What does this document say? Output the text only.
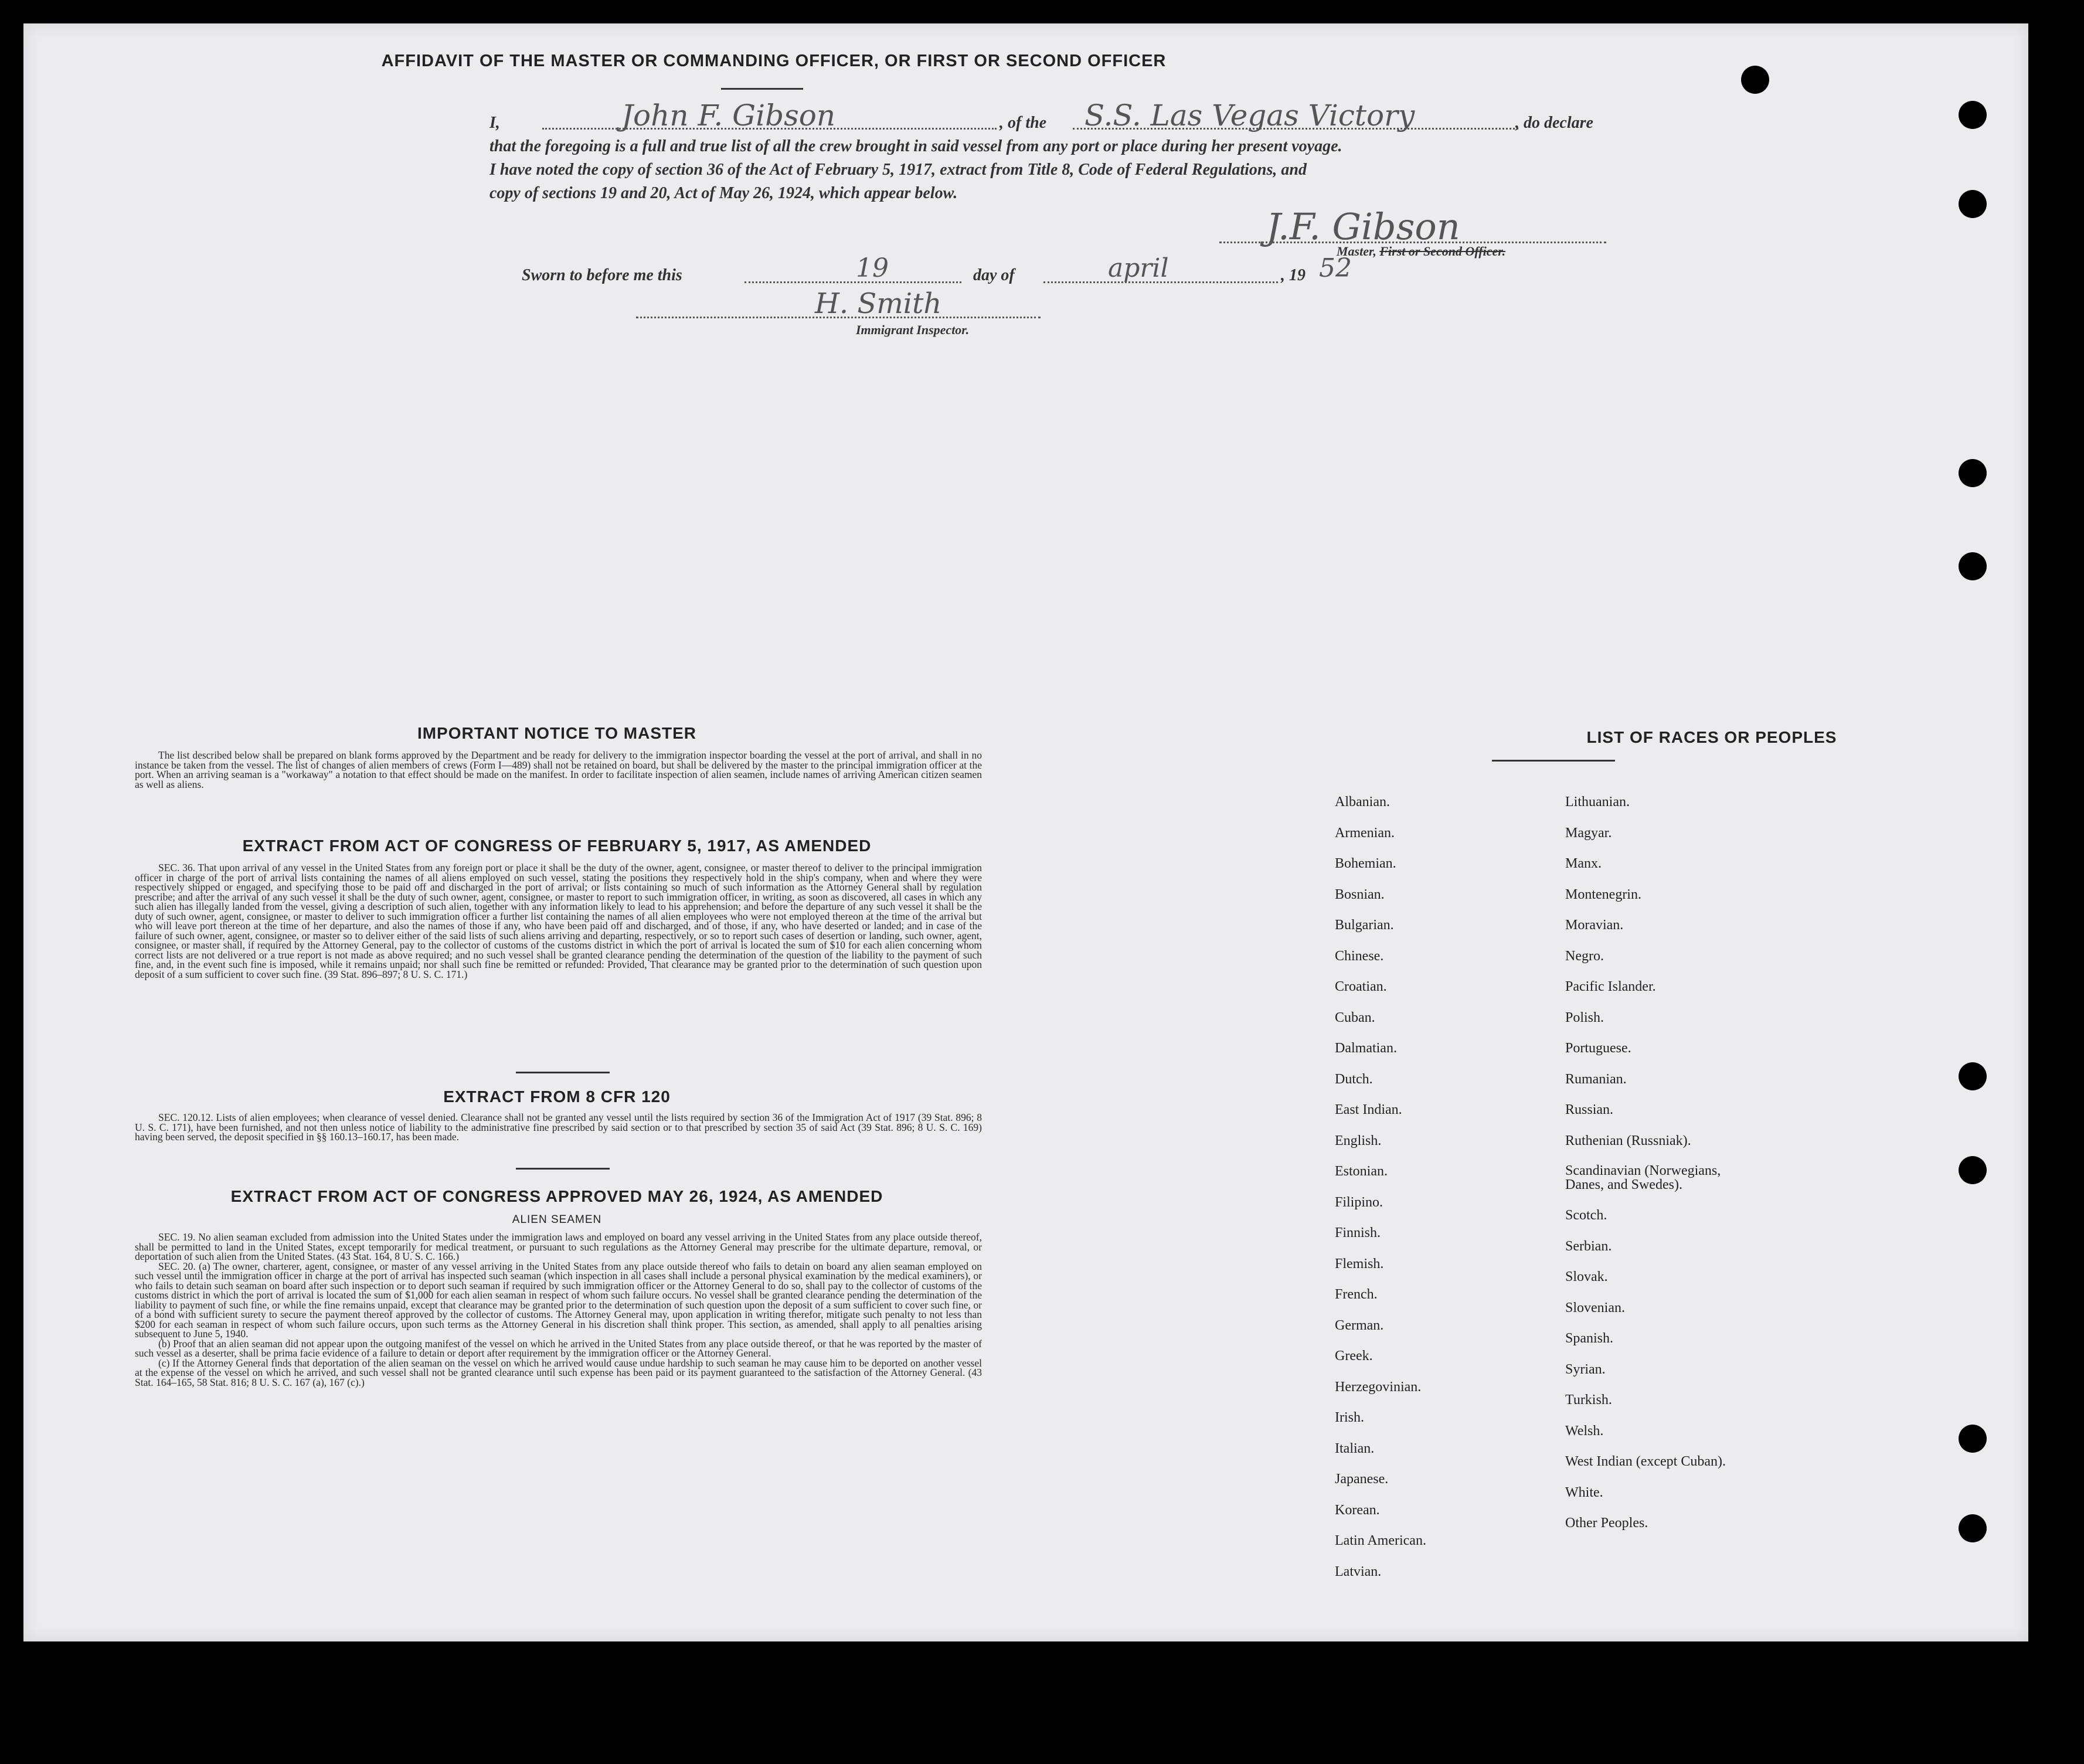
AFFIDAVIT OF THE MASTER OR COMMANDING OFFICER, OR FIRST OR SECOND OFFICER
I,	John F. Gibson	, of the S.S. Las Vegas Victory	, do declare
that the foregoing is a full and true list of all the crew brought in said vessel from any port or place during her present voyage.
I have noted the copy of section 36 of the Act of February 5, 1917, extract from Title 8, Code of Federal Regulations, and
copy of sections 19 and 20, Act of May 26, 1924, which appear below.
J.F. Gibson
Master, First or Second Officer.
Sworn to before me this	19	day of	april	, 19 52
H. Smith
Immigrant Inspector.
IMPORTANT NOTICE TO MASTER

The list described below shall be prepared on blank forms approved by the Department and be ready for delivery to the immigration inspector boarding the vessel at the port of arrival, and shall in no instance be taken from the vessel. The list of changes of alien members of crews (Form I—489) shall not be retained on board, but shall be delivered by the master to the principal immigration officer at the port. When an arriving seaman is a "workaway" a notation to that effect should be made on the manifest. In order to facilitate inspection of alien seamen, include names of arriving American citizen seamen as well as aliens.

EXTRACT FROM ACT OF CONGRESS OF FEBRUARY 5, 1917, AS AMENDED

SEC. 36. That upon arrival of any vessel in the United States from any foreign port or place it shall be the duty of the owner, agent, consignee, or master thereof to deliver to the principal immigration officer in charge of the port of arrival lists containing the names of all aliens employed on such vessel, stating the positions they respectively hold in the ship's company, when and where they were respectively shipped or engaged, and specifying those to be paid off and discharged in the port of arrival; or lists containing so much of such information as the Attorney General shall by regulation prescribe; and after the arrival of any such vessel it shall be the duty of such owner, agent, consignee, or master to report to such immigration officer, in writing, as soon as discovered, all cases in which any such alien has illegally landed from the vessel, giving a description of such alien, together with any information likely to lead to his apprehension; and before the departure of any such vessel it shall be the duty of such owner, agent, consignee, or master to deliver to such immigration officer a further list containing the names of all alien employees who were not employed thereon at the time of the arrival but who will leave port thereon at the time of her departure, and also the names of those if any, who have been paid off and discharged, and of those, if any, who have deserted or landed; and in case of the failure of such owner, agent, consignee, or master so to deliver either of the said lists of such aliens arriving and departing, respectively, or so to report such cases of desertion or landing, such owner, agent, consignee, or master shall, if required by the Attorney General, pay to the collector of customs of the customs district in which the port of arrival is located the sum of $10 for each alien concerning whom correct lists are not delivered or a true report is not made as above required; and no such vessel shall be granted clearance pending the determination of the question of the liability to the payment of such fine, and, in the event such fine is imposed, while it remains unpaid; nor shall such fine be remitted or refunded: Provided, That clearance may be granted prior to the determination of such question upon deposit of a sum sufficient to cover such fine. (39 Stat. 896–897; 8 U. S. C. 171.)

EXTRACT FROM 8 CFR 120

SEC. 120.12. Lists of alien employees; when clearance of vessel denied. Clearance shall not be granted any vessel until the lists required by section 36 of the Immigration Act of 1917 (39 Stat. 896; 8 U. S. C. 171), have been furnished, and not then unless notice of liability to the administrative fine prescribed by said section or to that prescribed by section 35 of said Act (39 Stat. 896; 8 U. S. C. 169) having been served, the deposit specified in §§ 160.13–160.17, has been made.

EXTRACT FROM ACT OF CONGRESS APPROVED MAY 26, 1924, AS AMENDED
ALIEN SEAMEN

SEC. 19. No alien seaman excluded from admission into the United States under the immigration laws and employed on board any vessel arriving in the United States from any place outside thereof, shall be permitted to land in the United States, except temporarily for medical treatment, or pursuant to such regulations as the Attorney General may prescribe for the ultimate departure, removal, or deportation of such alien from the United States. (43 Stat. 164, 8 U. S. C. 166.)

SEC. 20. (a) The owner, charterer, agent, consignee, or master of any vessel arriving in the United States from any place outside thereof who fails to detain on board any alien seaman employed on such vessel until the immigration officer in charge at the port of arrival has inspected such seaman (which inspection in all cases shall include a personal physical examination by the medical examiners), or who fails to detain such seaman on board after such inspection or to deport such seaman if required by such immigration officer or the Attorney General to do so, shall pay to the collector of customs of the customs district in which the port of arrival is located the sum of $1,000 for each alien seaman in respect of whom such failure occurs. No vessel shall be granted clearance pending the determination of the liability to payment of such fine, or while the fine remains unpaid, except that clearance may be granted prior to the determination of such question upon the deposit of a sum sufficient to cover such fine, or of a bond with sufficient surety to secure the payment thereof approved by the collector of customs. The Attorney General may, upon application in writing therefor, mitigate such penalty to not less than $200 for each seaman in respect of whom such failure occurs, upon such terms as the Attorney General in his discretion shall think proper. This section, as amended, shall apply to all penalties arising subsequent to June 5, 1940.

(b) Proof that an alien seaman did not appear upon the outgoing manifest of the vessel on which he arrived in the United States from any place outside thereof, or that he was reported by the master of such vessel as a deserter, shall be prima facie evidence of a failure to detain or deport after requirement by the immigration officer or the Attorney General.

(c) If the Attorney General finds that deportation of the alien seaman on the vessel on which he arrived would cause undue hardship to such seaman he may cause him to be deported on another vessel at the expense of the vessel on which he arrived, and such vessel shall not be granted clearance until such expense has been paid or its payment guaranteed to the satisfaction of the Attorney General. (43 Stat. 164–165, 58 Stat. 816; 8 U. S. C. 167 (a), 167 (c).)

LIST OF RACES OR PEOPLES
Albanian.
Armenian.
Bohemian.
Bosnian.
Bulgarian.
Chinese.
Croatian.
Cuban.
Dalmatian.
Dutch.
East Indian.
English.
Estonian.
Filipino.
Finnish.
Flemish.
French.
German.
Greek.
Herzegovinian.
Irish.
Italian.
Japanese.
Korean.
Latin American.
Latvian.
Lithuanian.
Magyar.
Manx.
Montenegrin.
Moravian.
Negro.
Pacific Islander.
Polish.
Portuguese.
Rumanian.
Russian.
Ruthenian (Russniak).
Scandinavian (Norwegians, Danes, and Swedes).
Scotch.
Serbian.
Slovak.
Slovenian.
Spanish.
Syrian.
Turkish.
Welsh.
West Indian (except Cuban).
White.
Other Peoples.
